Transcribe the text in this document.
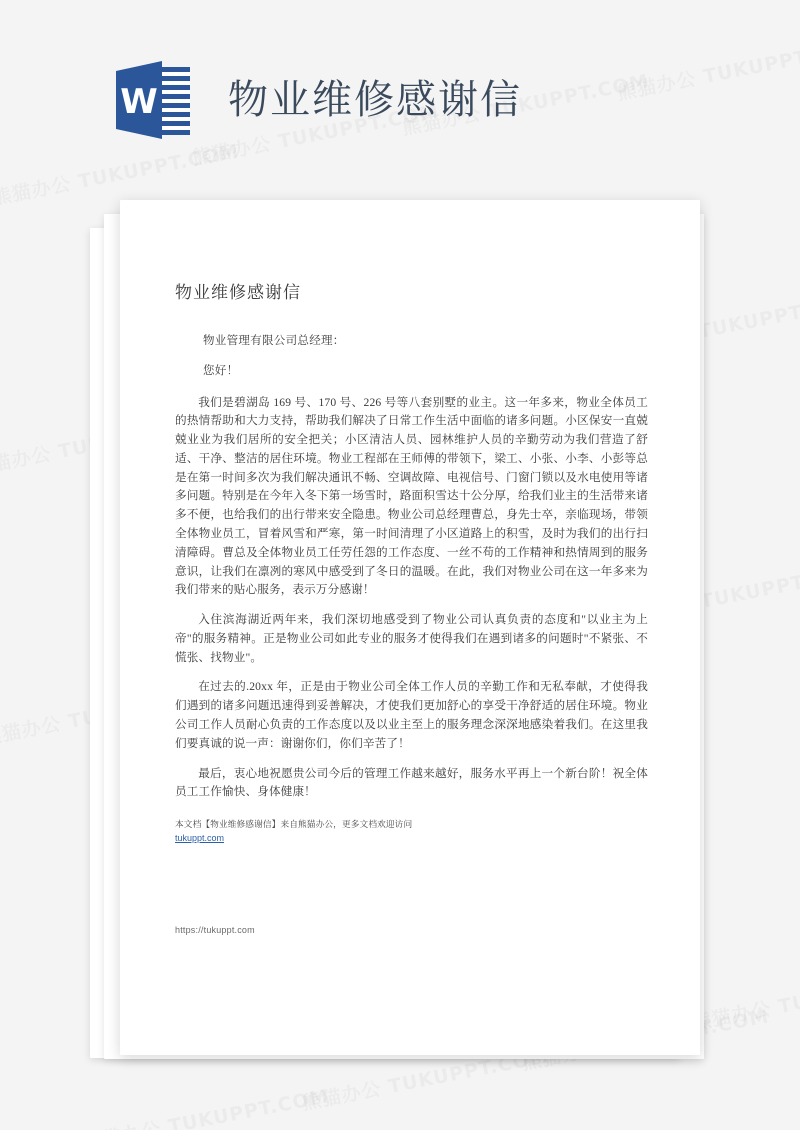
W 物业维修感谢信
物业维修感谢信

物业管理有限公司总经理：

您好！

我们是碧湖岛 169 号、170 号、226 号等八套别墅的业主。这一年多来，物业全体员工的热情帮助和大力支持，帮助我们解决了日常工作生活中面临的诸多问题。小区保安一直兢兢业业为我们居所的安全把关；小区清洁人员、园林维护人员的辛勤劳动为我们营造了舒适、干净、整洁的居住环境。物业工程部在王师傅的带领下，梁工、小张、小李、小彭等总是在第一时间多次为我们解决通讯不畅、空调故障、电视信号、门窗门锁以及水电使用等诸多问题。特别是在今年入冬下第一场雪时，路面积雪达十公分厚，给我们业主的生活带来诸多不便，也给我们的出行带来安全隐患。物业公司总经理曹总，身先士卒，亲临现场，带领全体物业员工，冒着风雪和严寒，第一时间清理了小区道路上的积雪，及时为我们的出行扫清障碍。曹总及全体物业员工任劳任怨的工作态度、一丝不苟的工作精神和热情周到的服务意识，让我们在凛冽的寒风中感受到了冬日的温暖。在此，我们对物业公司在这一年多来为我们带来的贴心服务，表示万分感谢！

入住滨海湖近两年来，我们深切地感受到了物业公司认真负责的态度和"以业主为上帝"的服务精神。正是物业公司如此专业的服务才使得我们在遇到诸多的问题时"不紧张、不慌张、找物业"。

在过去的.20xx 年，正是由于物业公司全体工作人员的辛勤工作和无私奉献，才使得我们遇到的诸多问题迅速得到妥善解决，才使我们更加舒心的享受干净舒适的居住环境。物业公司工作人员耐心负责的工作态度以及以业主至上的服务理念深深地感染着我们。在这里我们要真诚的说一声：谢谢你们，你们辛苦了！

最后，衷心地祝愿贵公司今后的管理工作越来越好，服务水平再上一个新台阶！祝全体员工工作愉快、身体健康！

本文档【物业维修感谢信】来自熊猫办公，更多文档欢迎访问
tukuppt.com
https://tukuppt.com
